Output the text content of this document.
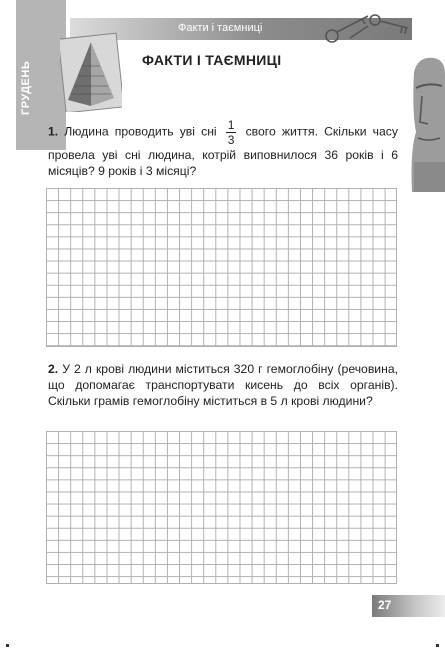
ГРУДЕНЬ
Факти і таємниці
ФАКТИ І ТАЄМНИЦІ
1. Людина проводить уві сні $\frac{1}{3}$ свого життя. Скільки часу провела уві сні людина, котрій виповнилося 36 років і 6 місяців? 9 років і 3 місяці?
2. У 2 л крові людини міститься 320 г гемоглобіну (речовина, що допомагає транспортувати кисень до всіх органів). Скільки грамів гемоглобіну міститься в 5 л крові людини?
27
